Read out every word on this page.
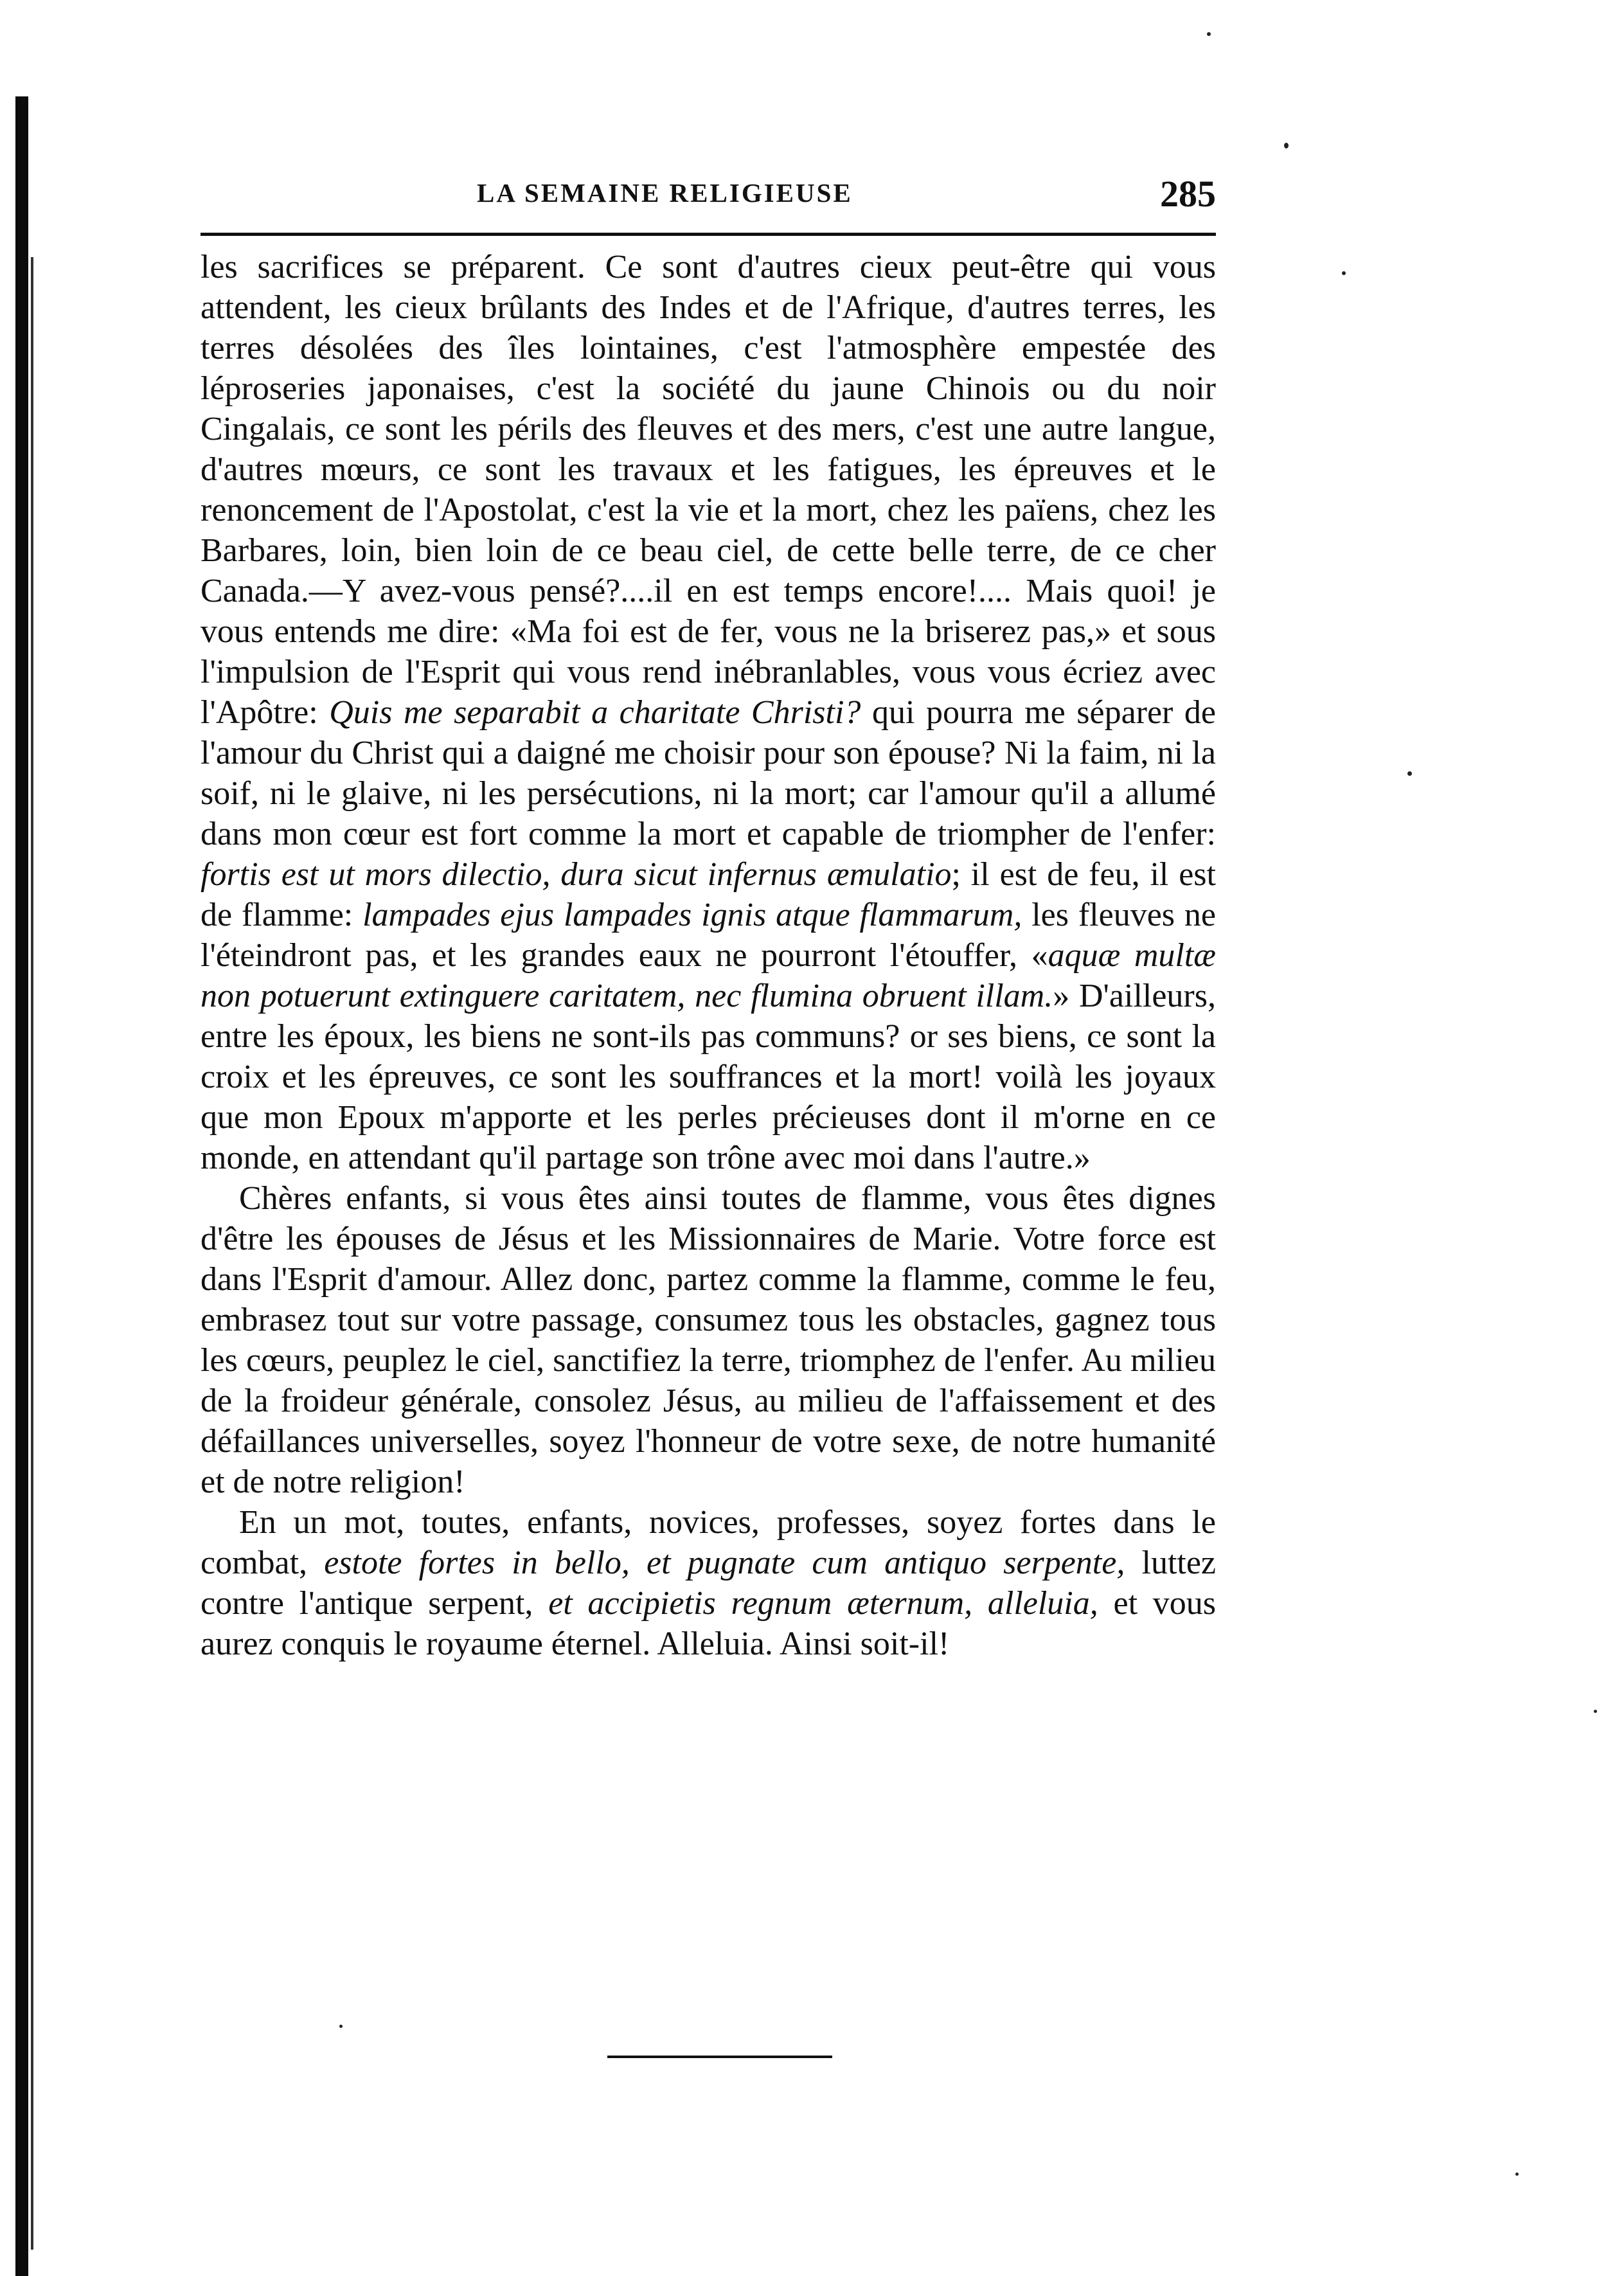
LA SEMAINE RELIGIEUSE	285

les sacrifices se préparent. Ce sont d'autres cieux peut-être qui vous attendent, les cieux brûlants des Indes et de l'Afrique, d'autres terres, les terres désolées des îles lointaines, c'est l'atmosphère empestée des léproseries japonaises, c'est la société du jaune Chinois ou du noir Cingalais, ce sont les périls des fleuves et des mers, c'est une autre langue, d'autres mœurs, ce sont les travaux et les fatigues, les épreuves et le renoncement de l'Apostolat, c'est la vie et la mort, chez les païens, chez les Barbares, loin, bien loin de ce beau ciel, de cette belle terre, de ce cher Canada.—Y avez-vous pensé?....il en est temps encore!.... Mais quoi! je vous entends me dire: «Ma foi est de fer, vous ne la briserez pas,» et sous l'impulsion de l'Esprit qui vous rend inébranlables, vous vous écriez avec l'Apôtre: Quis me separabit a charitate Christi? qui pourra me séparer de l'amour du Christ qui a daigné me choisir pour son épouse? Ni la faim, ni la soif, ni le glaive, ni les persécutions, ni la mort; car l'amour qu'il a allumé dans mon cœur est fort comme la mort et capable de triompher de l'enfer: fortis est ut mors dilectio, dura sicut infernus æmulatio; il est de feu, il est de flamme: lampades ejus lampades ignis atque flammarum, les fleuves ne l'éteindront pas, et les grandes eaux ne pourront l'étouffer, «aquæ multæ non potuerunt extinguere caritatem, nec flumina obruent illam.» D'ailleurs, entre les époux, les biens ne sont-ils pas communs? or ses biens, ce sont la croix et les épreuves, ce sont les souffrances et la mort! voilà les joyaux que mon Epoux m'apporte et les perles précieuses dont il m'orne en ce monde, en attendant qu'il partage son trône avec moi dans l'autre.»

Chères enfants, si vous êtes ainsi toutes de flamme, vous êtes dignes d'être les épouses de Jésus et les Missionnaires de Marie. Votre force est dans l'Esprit d'amour. Allez donc, partez comme la flamme, comme le feu, embrasez tout sur votre passage, consumez tous les obstacles, gagnez tous les cœurs, peuplez le ciel, sanctifiez la terre, triomphez de l'enfer. Au milieu de la froideur générale, consolez Jésus, au milieu de l'affaissement et des défaillances universelles, soyez l'honneur de votre sexe, de notre humanité et de notre religion!

En un mot, toutes, enfants, novices, professes, soyez fortes dans le combat, estote fortes in bello, et pugnate cum antiquo serpente, luttez contre l'antique serpent, et accipietis regnum æternum, alleluia, et vous aurez conquis le royaume éternel. Alleluia. Ainsi soit-il!
